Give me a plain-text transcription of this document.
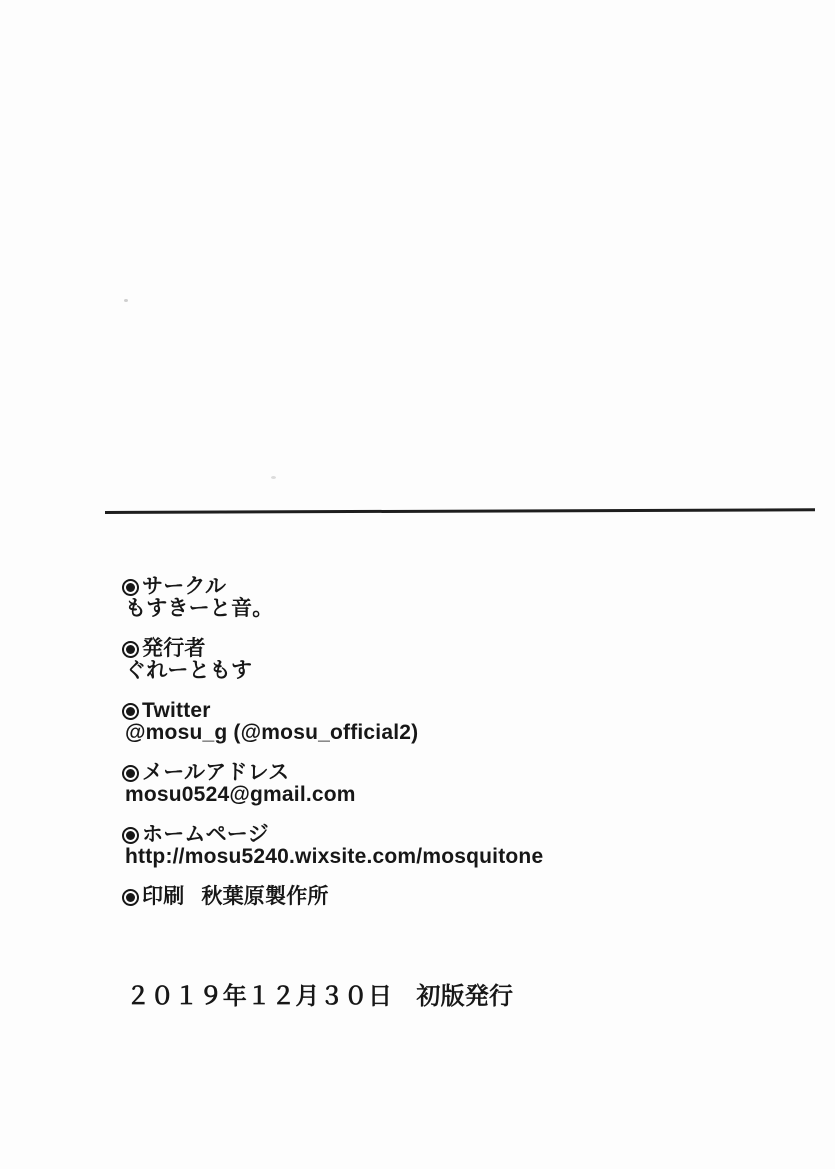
サークル
もすきーと音。
発行者
ぐれーともす
Twitter
@mosu_g (@mosu_official2)
メールアドレス
mosu0524@gmail.com
ホームページ
http://mosu5240.wixsite.com/mosquitone
印刷 秋葉原製作所
２０１９年１２月３０日　初版発行
